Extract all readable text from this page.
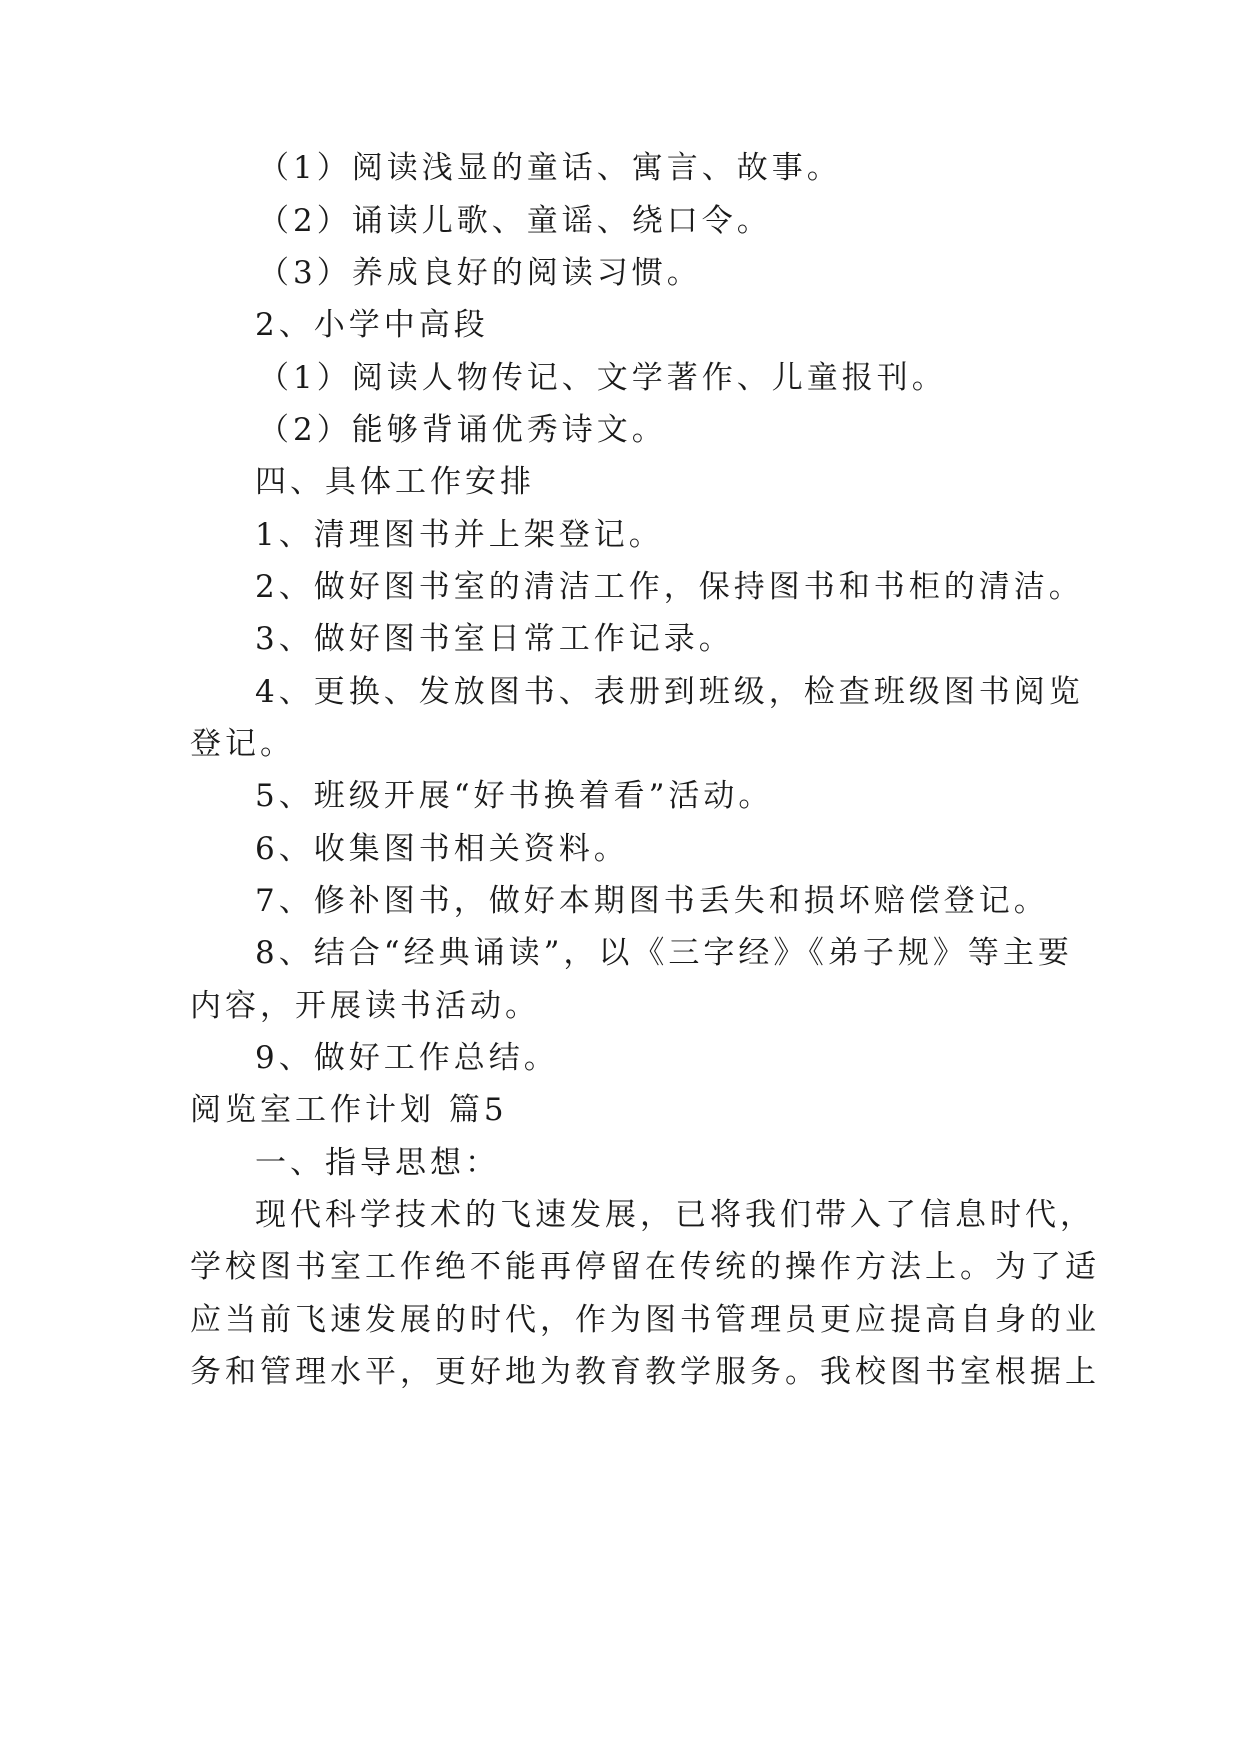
（1）阅读浅显的童话、寓言、故事。
（2）诵读儿歌、童谣、绕口令。
（3）养成良好的阅读习惯。
2、小学中高段
（1）阅读人物传记、文学著作、儿童报刊。
（2）能够背诵优秀诗文。
四、具体工作安排
1、清理图书并上架登记。
2、做好图书室的清洁工作，保持图书和书柜的清洁。
3、做好图书室日常工作记录。
4、更换、发放图书、表册到班级，检查班级图书阅览
登记。
5、班级开展“好书换着看”活动。
6、收集图书相关资料。
7、修补图书，做好本期图书丢失和损坏赔偿登记。
8、结合“经典诵读”，以《三字经》《弟子规》等主要
内容，开展读书活动。
9、做好工作总结。
阅览室工作计划 篇5
一、指导思想：
现代科学技术的飞速发展，已将我们带入了信息时代，
学校图书室工作绝不能再停留在传统的操作方法上。为了适
应当前飞速发展的时代，作为图书管理员更应提高自身的业
务和管理水平，更好地为教育教学服务。我校图书室根据上
